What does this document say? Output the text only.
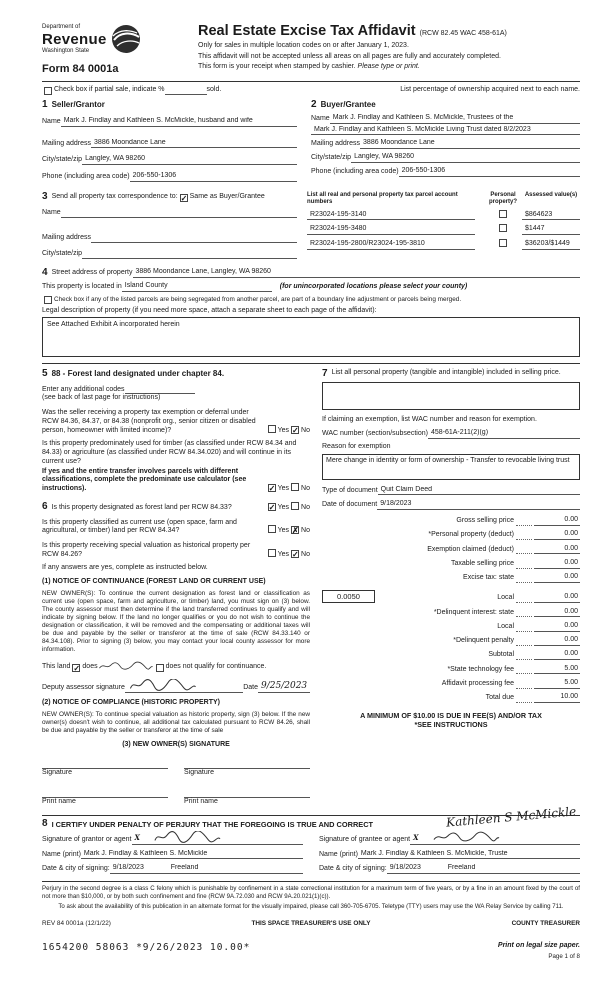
Department of
Revenue
Washington State
Form 84 0001a
Real Estate Excise Tax Affidavit (RCW 82.45 WAC 458-61A)

Only for sales in multiple location codes on or after January 1, 2023.

This affidavit will not be accepted unless all areas on all pages are fully and accurately completed.

This form is your receipt when stamped by cashier. Please type or print.

Check box if partial sale, indicate %	sold.	List percentage of ownership acquired next to each name.
1 Seller/Grantor
Name Mark J. Findlay and Kathleen S. McMickle, husband and wife
Mailing address 3886 Moondance Lane
City/state/zip Langley, WA 98260
Phone (including area code) 206-550-1306
2 Buyer/Grantee
Name Mark J. Findlay and Kathleen S. McMickle, Trustees of the
Mark J. Findlay and Kathleen S. McMickle Living Trust dated 8/2/2023
Mailing address 3886 Moondance Lane
City/state/zip Langley, WA 98260
Phone (including area code) 206-550-1306
3 Send all property tax correspondence to: ✓ Same as Buyer/Grantee
Name
Mailing address
City/state/zip
List all real and personal property tax parcel account numbers
Personal property?
Assessed value(s)
R23024-195-3140	$864623
R23024-195-3480	$1447
R23024-195-2800/R23024-195-3810	$36203/$1449
4 Street address of property 3886 Moondance Lane, Langley, WA 98260
This property is located in Island County	(for unincorporated locations please select your county)
Check box if any of the listed parcels are being segregated from another parcel, are part of a boundary line adjustment or parcels being merged.
Legal description of property (if you need more space, attach a separate sheet to each page of the affidavit):
See Attached Exhibit A incorporated herein
5 88 - Forest land designated under chapter 84.
Enter any additional codes
(see back of last page for instructions)
Was the seller receiving a property tax exemption or deferral under RCW 84.36, 84.37, or 84.38 (nonprofit org., senior citizen or disabled person, homeowner with limited income)?	Yes ✓ No
Is this property predominately used for timber (as classified under RCW 84.34 and 84.33) or agriculture (as classified under RCW 84.34.020) and will continue in its current use?
If yes and the entire transfer involves parcels with different classifications, complete the predominate use calculator (see instructions).	✓ Yes No
6 Is this property designated as forest land per RCW 84.33?	✓ Yes No
Is this property classified as current use (open space, farm and agricultural, or timber) land per RCW 84.34?	Yes ✗ No
Is this property receiving special valuation as historical property per RCW 84.26?	Yes ✓ No
If any answers are yes, complete as instructed below.
(1) NOTICE OF CONTINUANCE (FOREST LAND OR CURRENT USE)
NEW OWNER(S): To continue the current designation as forest land or classification as current use (open space, farm and agriculture, or timber) land, you must sign on (3) below. The county assessor must then determine if the land transferred continues to qualify and will indicate by signing below. If the land no longer qualifies or you do not wish to continue the designation or classification, it will be removed and the compensating or additional taxes will be due and payable by the seller or transferor at the time of sale (RCW 84.33.140 or 84.34.108). Prior to signing (3) below, you may contact your local county assessor for more information.
This land ✓ does	does not qualify for continuance.
Deputy assessor signature	Date 9/25/2023
(2) NOTICE OF COMPLIANCE (HISTORIC PROPERTY)
NEW OWNER(S): To continue special valuation as historic property, sign (3) below. If the new owner(s) doesn't wish to continue, all additional tax calculated pursuant to RCW 84.26, shall be due and payable by the seller or transferor at the time of sale
(3) NEW OWNER(S) SIGNATURE
Signature
Print name
Signature
Print name
7 List all personal property (tangible and intangible) included in selling price.
If claiming an exemption, list WAC number and reason for exemption.
WAC number (section/subsection) 458-61A-211(2)(g)
Reason for exemption
Mere change in identity or form of ownership - Transfer to revocable living trust
Type of document Quit Claim Deed
Date of document 9/18/2023
Gross selling price	0.00
*Personal property (deduct)	0.00
Exemption claimed (deduct)	0.00
Taxable selling price	0.00
Excise tax: state	0.00
0.0050	Local	0.00
*Delinquent interest: state	0.00
Local	0.00
*Delinquent penalty	0.00
Subtotal	0.00
*State technology fee	5.00
Affidavit processing fee	5.00
Total due	10.00
A MINIMUM OF $10.00 IS DUE IN FEE(S) AND/OR TAX
*SEE INSTRUCTIONS
8 I CERTIFY UNDER PENALTY OF PERJURY THAT THE FOREGOING IS TRUE AND CORRECT	Kathleen S McMickle
Signature of grantor or agent X
Name (print) Mark J. Findlay & Kathleen S. McMickle
Date & city of signing: 9/18/2023	Freeland
Signature of grantee or agent X
Name (print) Mark J. Findlay & Kathleen S. McMickle, Truste
Date & city of signing: 9/18/2023	Freeland
Perjury in the second degree is a class C felony which is punishable by confinement in a state correctional institution for a maximum term of five years, or by a fine in an amount fixed by the court of not more than $10,000, or by both such confinement and fine (RCW 9A.72.030 and RCW 9A.20.021(1)(c)).
To ask about the availability of this publication in an alternate format for the visually impaired, please call 360-705-6705. Teletype (TTY) users may use the WA Relay Service by calling 711.
REV 84 0001a (12/1/22)	THIS SPACE TREASURER'S USE ONLY	COUNTY TREASURER
1654200 58063 *9/26/2023 10.00*	Print on legal size paper.
Page 1 of 8
